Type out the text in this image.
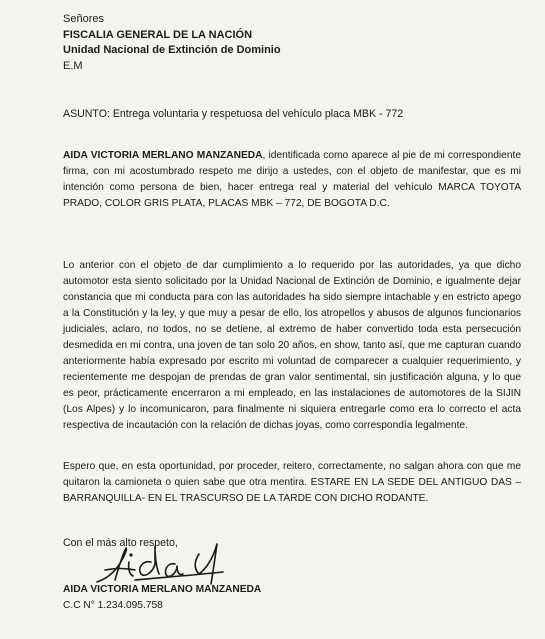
Señores
FISCALIA GENERAL DE LA NACIÓN
Unidad Nacional de Extinción de Dominio
E.M
ASUNTO: Entrega voluntaria y respetuosa del vehículo placa MBK - 772
AIDA VICTORIA MERLANO MANZANEDA, identificada como aparece al pie de mi correspondiente firma, con mi acostumbrado respeto me dirijo a ustedes, con el objeto de manifestar, que es mi intención como persona de bien, hacer entrega real y material del vehículo MARCA TOYOTA PRADO, COLOR GRIS PLATA, PLACAS MBK – 772, DE BOGOTA D.C.
Lo anterior con el objeto de dar cumplimiento a lo requerido por las autoridades, ya que dicho automotor esta siento solicitado por la Unidad Nacional de Extinción de Dominio, e igualmente dejar constancia que mi conducta para con las autoridades ha sido siempre intachable y en estricto apego a la Constitución y la ley, y que muy a pesar de ello, los atropellos y abusos de algunos funcionarios judiciales, aclaro, no todos, no se detiene, al extremo de haber convertido toda esta persecución desmedida en mi contra, una joven de tan solo 20 años, en show, tanto así, que me capturan cuando anteriormente había expresado por escrito mi voluntad de comparecer a cualquier requerimiento, y recientemente me despojan de prendas de gran valor sentimental, sin justificación alguna, y lo que es peor, prácticamente encerraron a mi empleado, en las instalaciones de automotores de la SIJIN (Los Alpes) y lo incomunicaron, para finalmente ni siquiera entregarle como era lo correcto el acta respectiva de incautación con la relación de dichas joyas, como correspondía legalmente.
Espero que, en esta oportunidad, por proceder, reitero, correctamente, no salgan ahora con que me quitaron la camioneta o quien sabe que otra mentira. ESTARE EN LA SEDE DEL ANTIGUO DAS – BARRANQUILLA- EN EL TRASCURSO DE LA TARDE CON DICHO RODANTE.
Con el más alto respeto,
AIDA VICTORIA MERLANO MANZANEDA
C.C N° 1.234.095.758
